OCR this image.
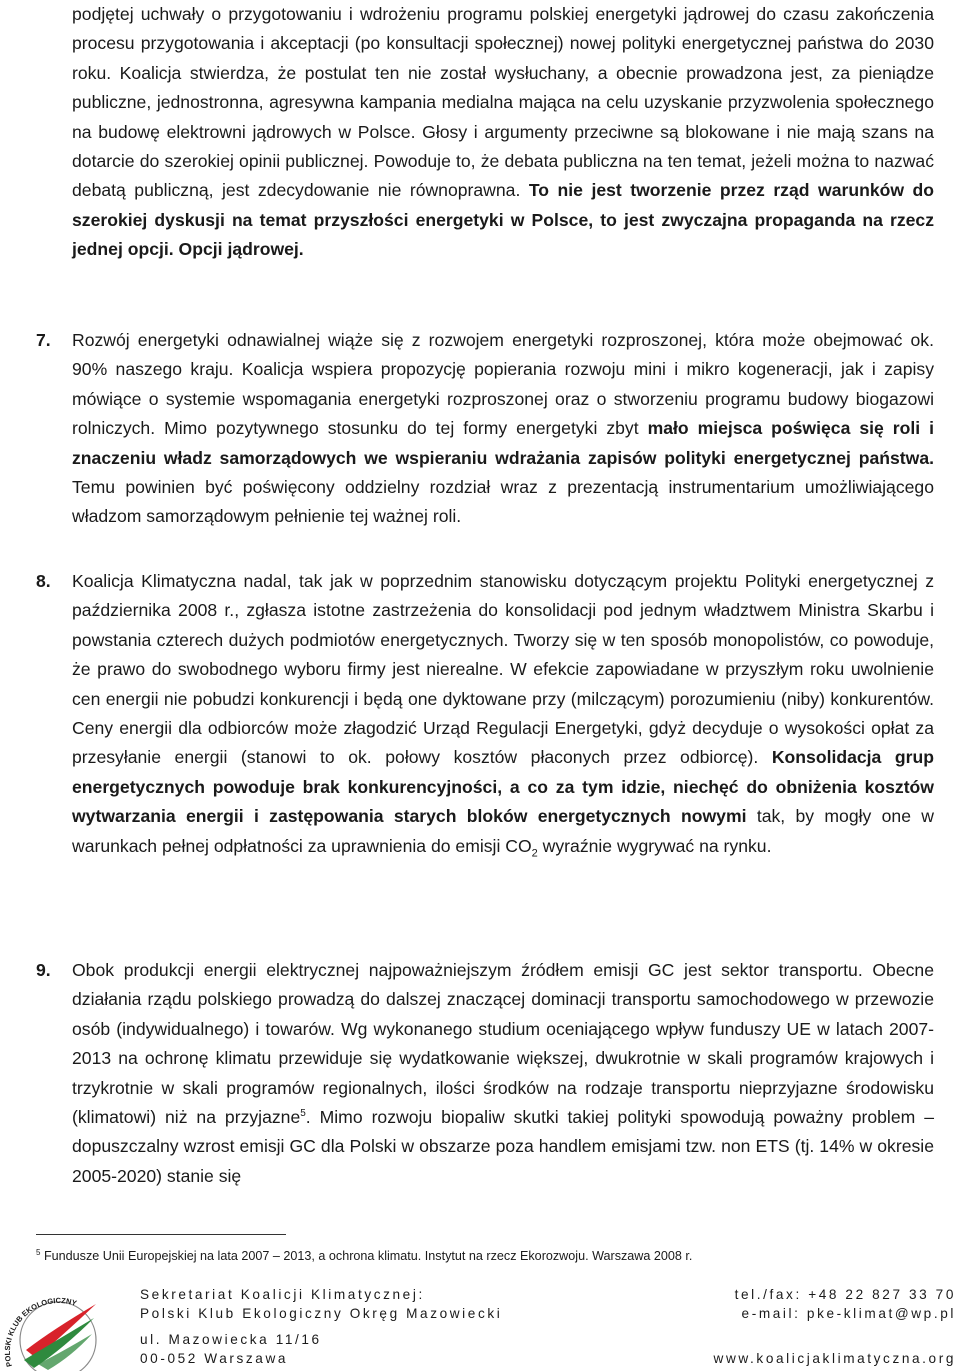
podjętej uchwały o przygotowaniu i wdrożeniu programu polskiej energetyki jądrowej do czasu zakończenia procesu przygotowania i akceptacji (po konsultacji społecznej) nowej polityki energetycznej państwa do 2030 roku. Koalicja stwierdza, że postulat ten nie został wysłuchany, a obecnie prowadzona jest, za pieniądze publiczne, jednostronna, agresywna kampania medialna mająca na celu uzyskanie przyzwolenia społecznego na budowę elektrowni jądrowych w Polsce. Głosy i argumenty przeciwne są blokowane i nie mają szans na dotarcie do szerokiej opinii publicznej. Powoduje to, że debata publiczna na ten temat, jeżeli można to nazwać debatą publiczną, jest zdecydowanie nie równoprawna. To nie jest tworzenie przez rząd warunków do szerokiej dyskusji na temat przyszłości energetyki w Polsce, to jest zwyczajna propaganda na rzecz jednej opcji. Opcji jądrowej.

7. Rozwój energetyki odnawialnej wiąże się z rozwojem energetyki rozproszonej, która może obejmować ok. 90% naszego kraju. Koalicja wspiera propozycję popierania rozwoju mini i mikro kogeneracji, jak i zapisy mówiące o systemie wspomagania energetyki rozproszonej oraz o stworzeniu programu budowy biogazowi rolniczych. Mimo pozytywnego stosunku do tej formy energetyki zbyt mało miejsca poświęca się roli i znaczeniu władz samorządowych we wspieraniu wdrażania zapisów polityki energetycznej państwa. Temu powinien być poświęcony oddzielny rozdział wraz z prezentacją instrumentarium umożliwiającego władzom samorządowym pełnienie tej ważnej roli.

8. Koalicja Klimatyczna nadal, tak jak w poprzednim stanowisku dotyczącym projektu Polityki energetycznej z października 2008 r., zgłasza istotne zastrzeżenia do konsolidacji pod jednym władztwem Ministra Skarbu i powstania czterech dużych podmiotów energetycznych. Tworzy się w ten sposób monopolistów, co powoduje, że prawo do swobodnego wyboru firmy jest nierealne. W efekcie zapowiadane w przyszłym roku uwolnienie cen energii nie pobudzi konkurencji i będą one dyktowane przy (milczącym) porozumieniu (niby) konkurentów. Ceny energii dla odbiorców może złagodzić Urząd Regulacji Energetyki, gdyż decyduje o wysokości opłat za przesyłanie energii (stanowi to ok. połowy kosztów płaconych przez odbiorcę). Konsolidacja grup energetycznych powoduje brak konkurencyjności, a co za tym idzie, niechęć do obniżenia kosztów wytwarzania energii i zastępowania starych bloków energetycznych nowymi tak, by mogły one w warunkach pełnej odpłatności za uprawnienia do emisji $CO_2$ wyraźnie wygrywać na rynku.

9. Obok produkcji energii elektrycznej najpoważniejszym źródłem emisji GC jest sektor transportu. Obecne działania rządu polskiego prowadzą do dalszej znaczącej dominacji transportu samochodowego w przewozie osób (indywidualnego) i towarów. Wg wykonanego studium oceniającego wpływ funduszy UE w latach 2007-2013 na ochronę klimatu przewiduje się wydatkowanie większej, dwukrotnie w skali programów krajowych i trzykrotnie w skali programów regionalnych, ilości środków na rodzaje transportu nieprzyjazne środowisku (klimatowi) niż na przyjazne$^5$. Mimo rozwoju biopaliw skutki takiej polityki spowodują poważny problem – dopuszczalny wzrost emisji GC dla Polski w obszarze poza handlem emisjami tzw. non ETS (tj. 14% w okresie 2005-2020) stanie się

$^5$ Fundusze Unii Europejskiej na lata 2007 – 2013, a ochrona klimatu. Instytut na rzecz Ekorozwoju. Warszawa 2008 r.
POLSKI KLUB EKOLOGICZNY
Sekretariat Koalicji Klimatycznej:
Polski Klub Ekologiczny Okręg Mazowiecki
ul. Mazowiecka 11/16
00-052 Warszawa
tel./fax: +48 22 827 33 70
e-mail: pke-klimat@wp.pl
www.koalicjaklimatyczna.org
